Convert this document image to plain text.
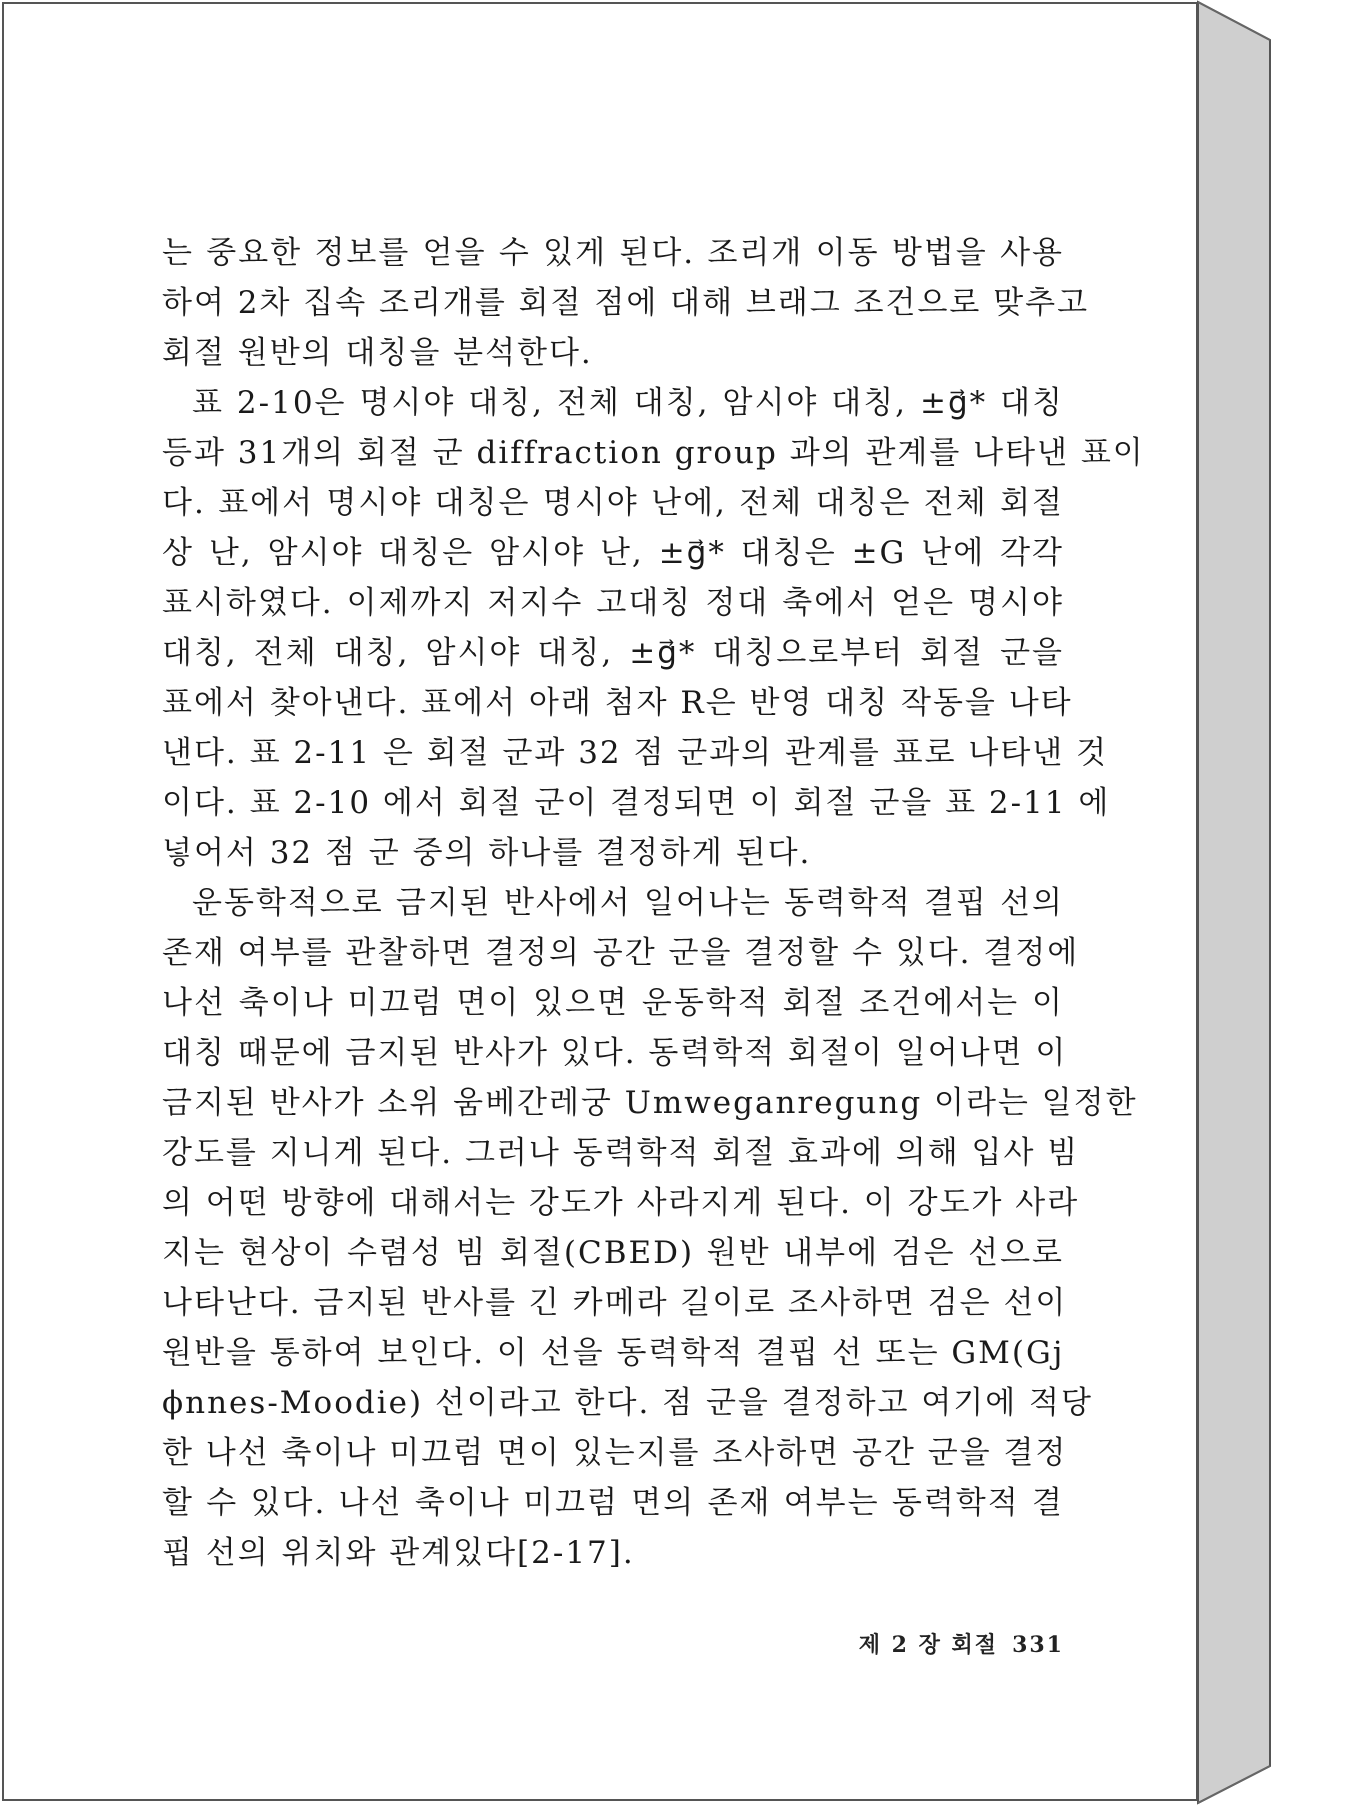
는 중요한 정보를 얻을 수 있게 된다. 조리개 이동 방법을 사용
하여 2차 집속 조리개를 회절 점에 대해 브래그 조건으로 맞추고
회절 원반의 대칭을 분석한다.
표 2-10은 명시야 대칭, 전체 대칭, 암시야 대칭, ±g⃗* 대칭
등과 31개의 회절 군 diffraction group 과의 관계를 나타낸 표이
다. 표에서 명시야 대칭은 명시야 난에, 전체 대칭은 전체 회절
상 난, 암시야 대칭은 암시야 난, ±g⃗* 대칭은 ±G 난에 각각
표시하였다. 이제까지 저지수 고대칭 정대 축에서 얻은 명시야
대칭, 전체 대칭, 암시야 대칭, ±g⃗* 대칭으로부터 회절 군을
표에서 찾아낸다. 표에서 아래 첨자 R은 반영 대칭 작동을 나타
낸다. 표 2-11 은 회절 군과 32 점 군과의 관계를 표로 나타낸 것
이다. 표 2-10 에서 회절 군이 결정되면 이 회절 군을 표 2-11 에
넣어서 32 점 군 중의 하나를 결정하게 된다.
운동학적으로 금지된 반사에서 일어나는 동력학적 결핍 선의
존재 여부를 관찰하면 결정의 공간 군을 결정할 수 있다. 결정에
나선 축이나 미끄럼 면이 있으면 운동학적 회절 조건에서는 이
대칭 때문에 금지된 반사가 있다. 동력학적 회절이 일어나면 이
금지된 반사가 소위 움베간레궁 Umweganregung 이라는 일정한
강도를 지니게 된다. 그러나 동력학적 회절 효과에 의해 입사 빔
의 어떤 방향에 대해서는 강도가 사라지게 된다. 이 강도가 사라
지는 현상이 수렴성 빔 회절(CBED) 원반 내부에 검은 선으로
나타난다. 금지된 반사를 긴 카메라 길이로 조사하면 검은 선이
원반을 통하여 보인다. 이 선을 동력학적 결핍 선 또는 GM(Gj
ϕnnes-Moodie) 선이라고 한다. 점 군을 결정하고 여기에 적당
한 나선 축이나 미끄럼 면이 있는지를 조사하면 공간 군을 결정
할 수 있다. 나선 축이나 미끄럼 면의 존재 여부는 동력학적 결
핍 선의 위치와 관계있다[2-17].
제 2 장 회절 331
